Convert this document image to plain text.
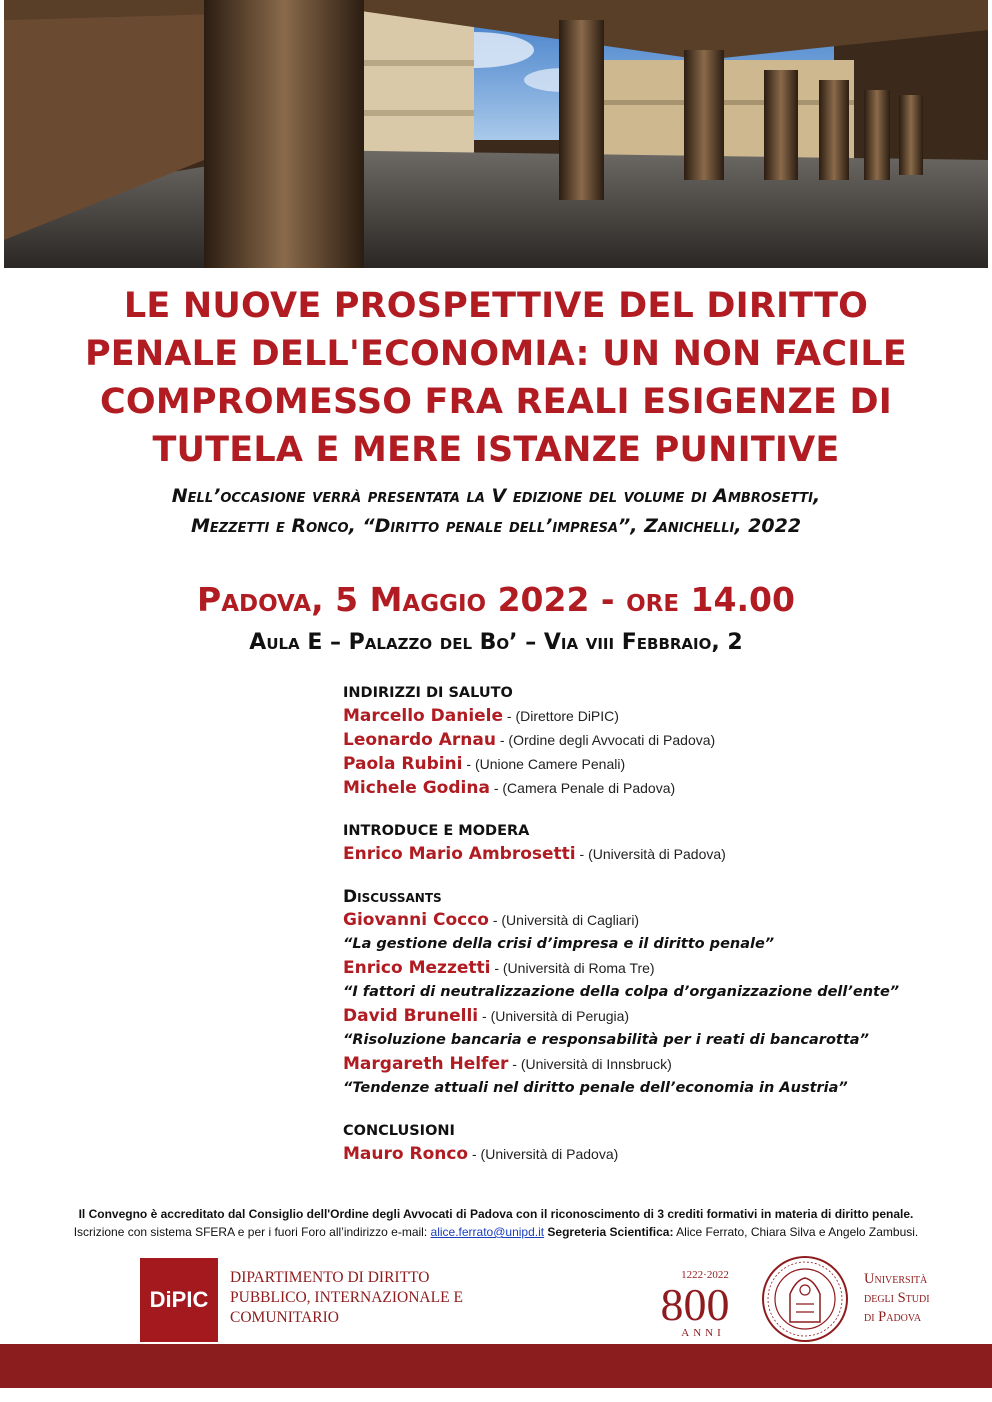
LE NUOVE PROSPETTIVE DEL DIRITTO
PENALE DELL'ECONOMIA: UN NON FACILE
COMPROMESSO FRA REALI ESIGENZE DI
TUTELA E MERE ISTANZE PUNITIVE
Nell’occasione verrà presentata la V edizione del volume di Ambrosetti,
Mezzetti e Ronco, “Diritto penale dell’impresa”, Zanichelli, 2022
Padova, 5 Maggio 2022 - ore 14.00
Aula E – Palazzo del Bo’ – Via viii Febbraio, 2
INDIRIZZI DI SALUTO
Marcello Daniele - (Direttore DiPIC)
Leonardo Arnau - (Ordine degli Avvocati di Padova)
Paola Rubini - (Unione Camere Penali)
Michele Godina - (Camera Penale di Padova)
INTRODUCE E MODERA
Enrico Mario Ambrosetti - (Università di Padova)
Discussants
Giovanni Cocco - (Università di Cagliari)
“La gestione della crisi d’impresa e il diritto penale”
Enrico Mezzetti - (Università di Roma Tre)
“I fattori di neutralizzazione della colpa d’organizzazione dell’ente”
David Brunelli - (Università di Perugia)
“Risoluzione bancaria e responsabilità per i reati di bancarotta”
Margareth Helfer - (Università di Innsbruck)
“Tendenze attuali nel diritto penale dell’economia in Austria”
CONCLUSIONI
Mauro Ronco - (Università di Padova)
Il Convegno è accreditato dal Consiglio dell'Ordine degli Avvocati di Padova con il riconoscimento di 3 crediti formativi in materia di diritto penale.
Iscrizione con sistema SFERA e per i fuori Foro all’indirizzo e-mail: alice.ferrato@unipd.it Segreteria Scientifica: Alice Ferrato, Chiara Silva e Angelo Zambusi.
DiPIC
DIPARTIMENTO DI DIRITTO
PUBBLICO, INTERNAZIONALE E
COMUNITARIO
1222·2022
800
ANNI
Università
degli Studi
di Padova
